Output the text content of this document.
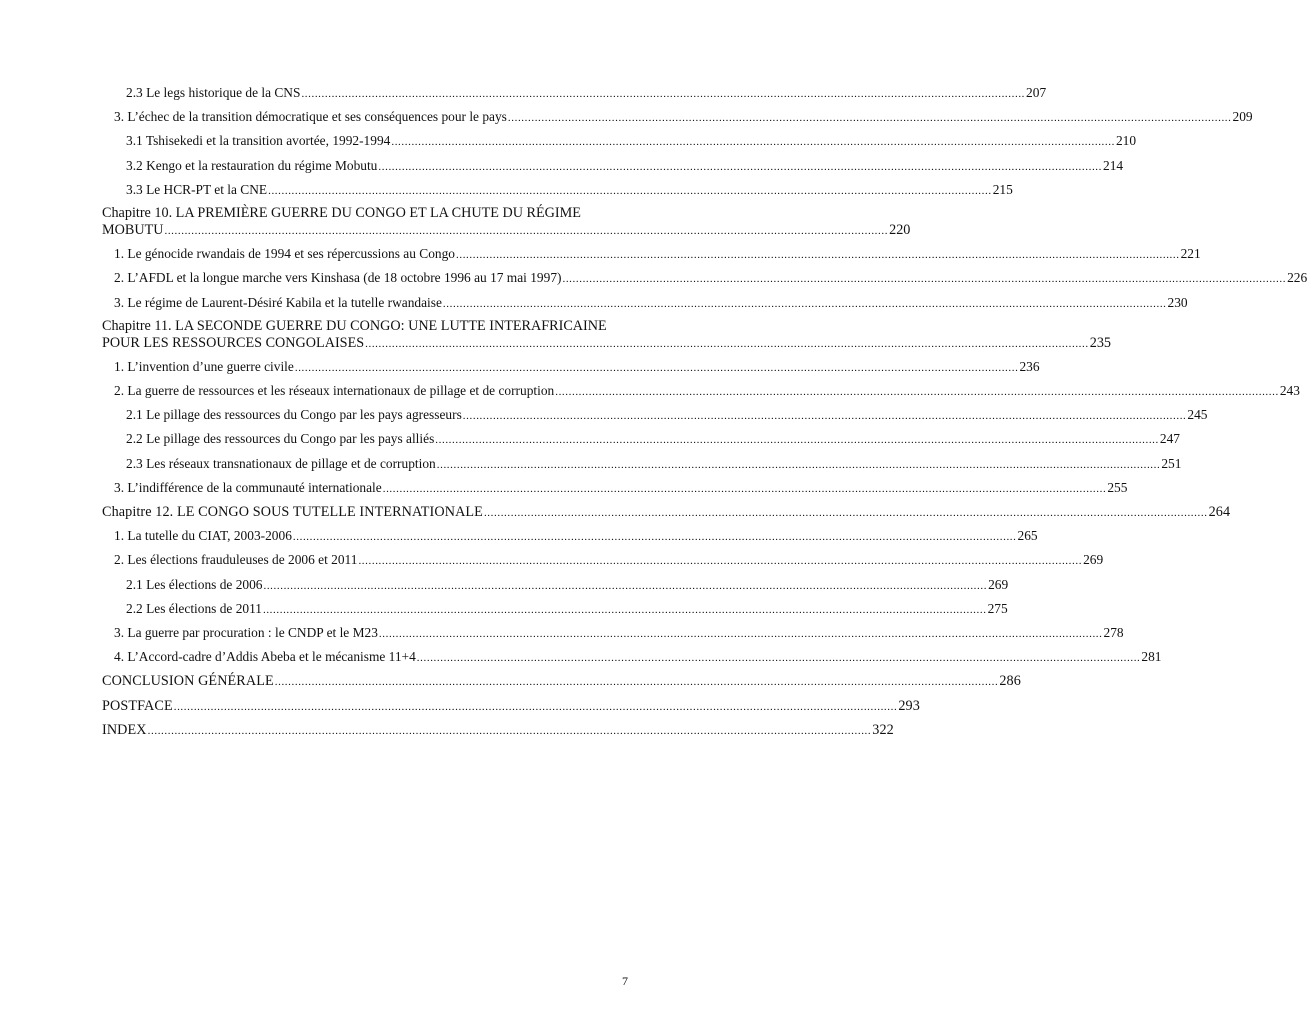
2.3 Le legs historique de la CNS .....	207
3. L’échec de la transition démocratique et ses conséquences pour le pays .....	209
3.1 Tshisekedi et la transition avortée, 1992-1994 .....	210
3.2 Kengo et la restauration du régime Mobutu .....	214
3.3 Le HCR-PT et la CNE .....	215
Chapitre 10. LA PREMIÈRE GUERRE DU CONGO ET LA CHUTE DU RÉGIME
MOBUTU .....	220
1. Le génocide rwandais de 1994 et ses répercussions au Congo .....	221
2. L’AFDL et la longue marche vers Kinshasa (de 18 octobre 1996 au 17 mai 1997) .....	226
3. Le régime de Laurent-Désiré Kabila et la tutelle rwandaise .....	230
Chapitre 11. LA SECONDE GUERRE DU CONGO: UNE LUTTE INTERAFRICAINE
POUR LES RESSOURCES CONGOLAISES .....	235
1. L’invention d’une guerre civile .....	236
2. La guerre de ressources et les réseaux internationaux de pillage et de corruption .....	243
2.1 Le pillage des ressources du Congo par les pays agresseurs .....	245
2.2 Le pillage des ressources du Congo par les pays alliés .....	247
2.3 Les réseaux transnationaux de pillage et de corruption .....	251
3. L’indifférence de la communauté internationale .....	255
Chapitre 12. LE CONGO SOUS TUTELLE INTERNATIONALE .....	264
1. La tutelle du CIAT, 2003-2006 .....	265
2. Les élections frauduleuses de 2006 et 2011 .....	269
2.1 Les élections de 2006 .....	269
2.2 Les élections de 2011 .....	275
3. La guerre par procuration : le CNDP et le M23 .....	278
4. L’Accord-cadre d’Addis Abeba et le mécanisme 11+4 .....	281
CONCLUSION GÉNÉRALE .....	286
POSTFACE .....	293
INDEX .....	322
7
